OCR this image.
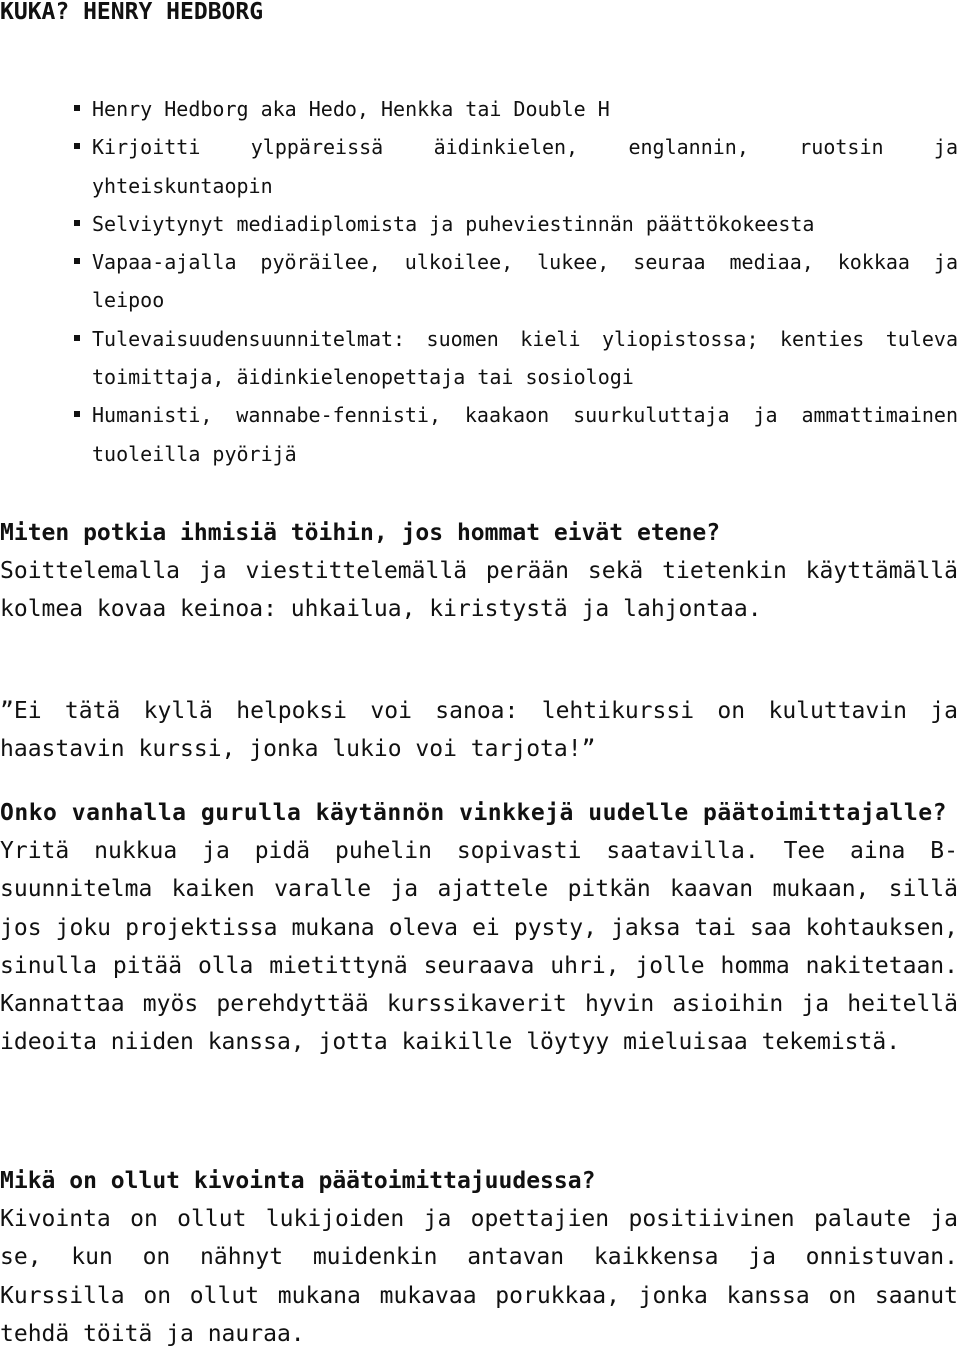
KUKA? HENRY HEDBORG
Henry Hedborg aka Hedo, Henkka tai Double H
Kirjoitti ylppäreissä äidinkielen, englannin, ruotsin ja yhteiskuntaopin
Selviytynyt mediadiplomista ja puheviestinnän päättökokeesta
Vapaa-ajalla pyöräilee, ulkoilee, lukee, seuraa mediaa, kokkaa ja leipoo
Tulevaisuudensuunnitelmat: suomen kieli yliopistossa; kenties tuleva toimittaja, äidinkielenopettaja tai sosiologi
Humanisti, wannabe-fennisti, kaakaon suurkuluttaja ja ammattimainen tuoleilla pyörijä
Miten potkia ihmisiä töihin, jos hommat eivät etene?
Soittelemalla ja viestittelemällä perään sekä tietenkin käyttämällä kolmea kovaa keinoa: uhkailua, kiristystä ja lahjontaa.

”Ei tätä kyllä helpoksi voi sanoa: lehtikurssi on kuluttavin ja haastavin kurssi, jonka lukio voi tarjota!”

Onko vanhalla gurulla käytännön vinkkejä uudelle päätoimittajalle?
Yritä nukkua ja pidä puhelin sopivasti saatavilla. Tee aina B-suunnitelma kaiken varalle ja ajattele pitkän kaavan mukaan, sillä jos joku projektissa mukana oleva ei pysty, jaksa tai saa kohtauksen, sinulla pitää olla mietittynä seuraava uhri, jolle homma nakitetaan. Kannattaa myös perehdyttää kurssikaverit hyvin asioihin ja heitellä ideoita niiden kanssa, jotta kaikille löytyy mieluisaa tekemistä.
Mikä on ollut kivointa päätoimittajuudessa?
Kivointa on ollut lukijoiden ja opettajien positiivinen palaute ja se, kun on nähnyt muidenkin antavan kaikkensa ja onnistuvan. Kurssilla on ollut mukana mukavaa porukkaa, jonka kanssa on saanut tehdä töitä ja nauraa.
